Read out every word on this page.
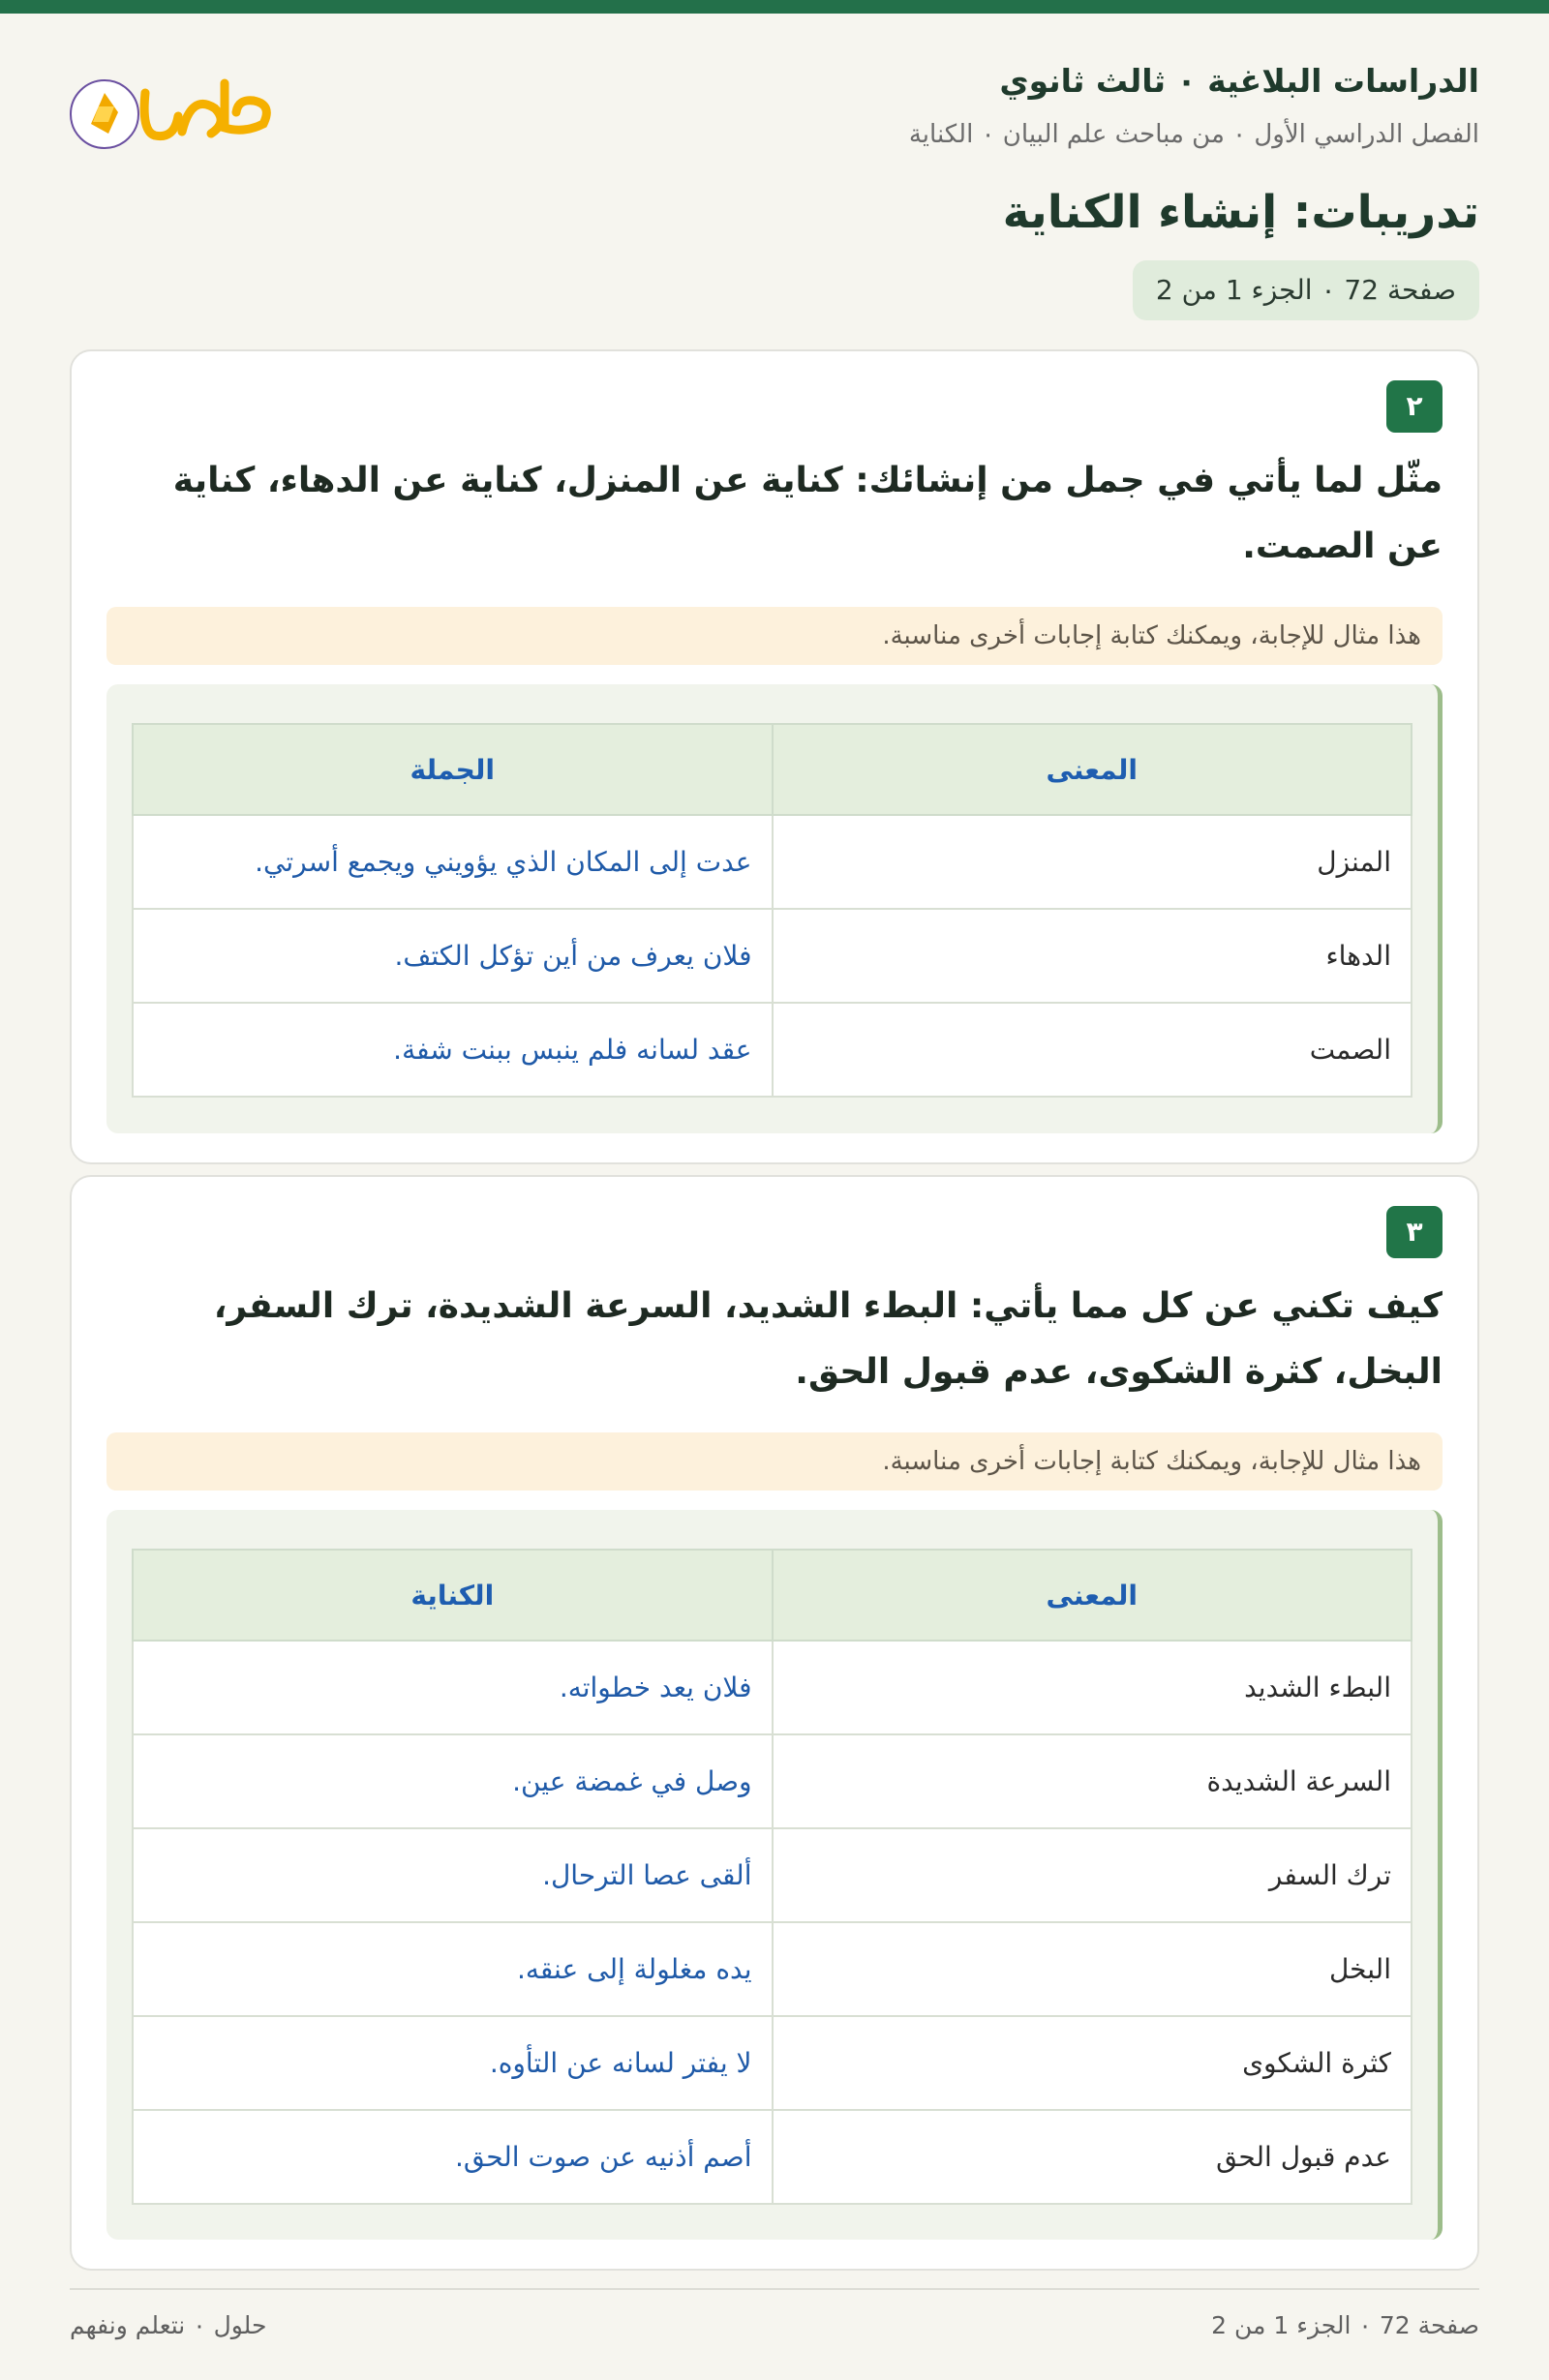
الدراسات البلاغية ٠ ثالث ثانوي
الفصل الدراسي الأول ٠ من مباحث علم البيان ٠ الكناية
تدريبات: إنشاء الكناية
صفحة 72 ٠ الجزء 1 من 2
٢
مثّل لما يأتي في جمل من إنشائك: كناية عن المنزل، كناية عن الدهاء، كناية عن الصمت.
هذا مثال للإجابة، ويمكنك كتابة إجابات أخرى مناسبة.
المعنى	الجملة
المنزل	عدت إلى المكان الذي يؤويني ويجمع أسرتي.
الدهاء	فلان يعرف من أين تؤكل الكتف.
الصمت	عقد لسانه فلم ينبس ببنت شفة.
٣
كيف تكني عن كل مما يأتي: البطء الشديد، السرعة الشديدة، ترك السفر، البخل، كثرة الشكوى، عدم قبول الحق.
هذا مثال للإجابة، ويمكنك كتابة إجابات أخرى مناسبة.
المعنى	الكناية
البطء الشديد	فلان يعد خطواته.
السرعة الشديدة	وصل في غمضة عين.
ترك السفر	ألقى عصا الترحال.
البخل	يده مغلولة إلى عنقه.
كثرة الشكوى	لا يفتر لسانه عن التأوه.
عدم قبول الحق	أصم أذنيه عن صوت الحق.
صفحة 72 ٠ الجزء 1 من 2
حلول ٠ نتعلم ونفهم
